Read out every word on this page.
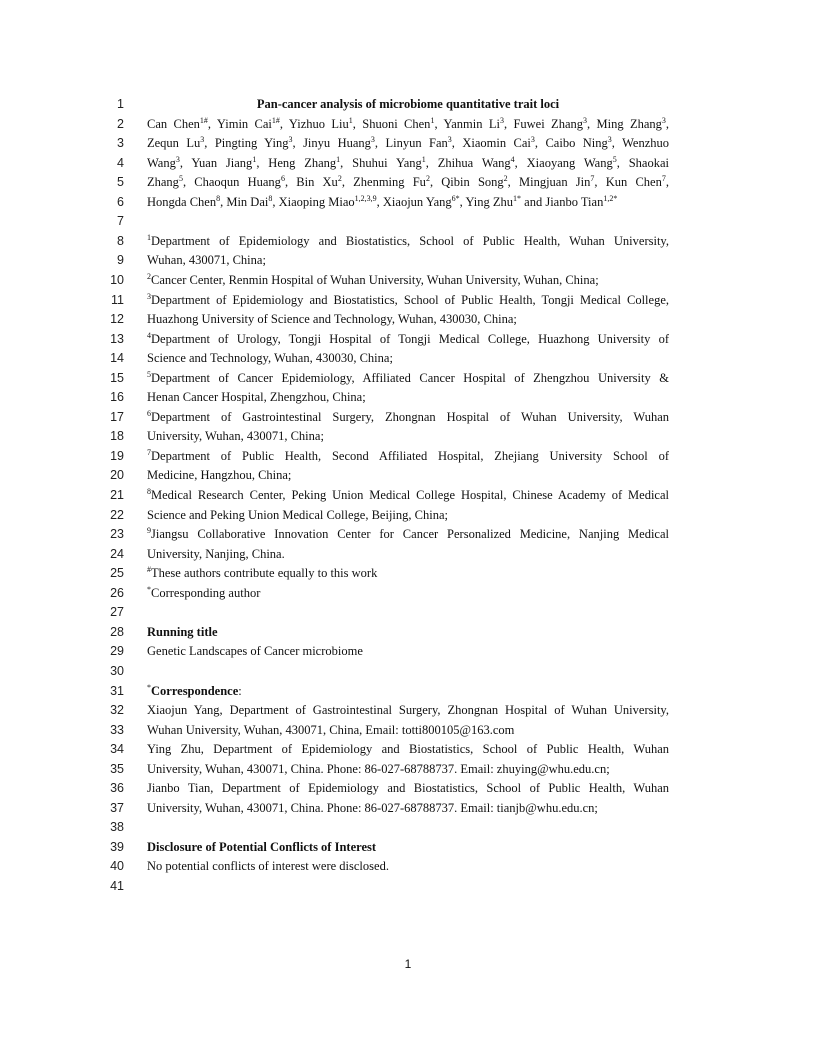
1	Pan-cancer analysis of microbiome quantitative trait loci
2 Can Chen$^{1\#}$, Yimin Cai$^{1\#}$, Yizhuo Liu$^1$, Shuoni Chen$^1$, Yanmin Li$^3$, Fuwei Zhang$^3$, Ming Zhang$^3$,
3 Zequn Lu$^3$, Pingting Ying$^3$, Jinyu Huang$^3$, Linyun Fan$^3$, Xiaomin Cai$^3$, Caibo Ning$^3$, Wenzhuo
4 Wang$^3$, Yuan Jiang$^1$, Heng Zhang$^1$, Shuhui Yang$^1$, Zhihua Wang$^4$, Xiaoyang Wang$^5$, Shaokai
5 Zhang$^5$, Chaoqun Huang$^6$, Bin Xu$^2$, Zhenming Fu$^2$, Qibin Song$^2$, Mingjuan Jin$^7$, Kun Chen$^7$,
6 Hongda Chen$^8$, Min Dai$^8$, Xiaoping Miao$^{1,2,3,9}$, Xiaojun Yang$^{6*}$, Ying Zhu$^{1*}$ and Jianbo Tian$^{1,2*}$
7
8	$^1$Department of Epidemiology and Biostatistics, School of Public Health, Wuhan University,
9 Wuhan, 430071, China;
10	$^2$Cancer Center, Renmin Hospital of Wuhan University, Wuhan University, Wuhan, China;
11	$^3$Department of Epidemiology and Biostatistics, School of Public Health, Tongji Medical College,
12 Huazhong University of Science and Technology, Wuhan, 430030, China;
13	$^4$Department of Urology, Tongji Hospital of Tongji Medical College, Huazhong University of
14 Science and Technology, Wuhan, 430030, China;
15	$^5$Department of Cancer Epidemiology, Affiliated Cancer Hospital of Zhengzhou University &
16 Henan Cancer Hospital, Zhengzhou, China;
17	$^6$Department of Gastrointestinal Surgery, Zhongnan Hospital of Wuhan University, Wuhan
18 University, Wuhan, 430071, China;
19	$^7$Department of Public Health, Second Affiliated Hospital, Zhejiang University School of
20 Medicine, Hangzhou, China;
21	$^8$Medical Research Center, Peking Union Medical College Hospital, Chinese Academy of Medical
22 Science and Peking Union Medical College, Beijing, China;
23	$^9$Jiangsu Collaborative Innovation Center for Cancer Personalized Medicine, Nanjing Medical
24 University, Nanjing, China.
25	#These authors contribute equally to this work
26	*Corresponding author
27
28 Running title
29 Genetic Landscapes of Cancer microbiome
30
31	*Correspondence:
32 Xiaojun Yang, Department of Gastrointestinal Surgery, Zhongnan Hospital of Wuhan University,
33 Wuhan University, Wuhan, 430071, China, Email: totti800105@163.com
34 Ying Zhu, Department of Epidemiology and Biostatistics, School of Public Health, Wuhan
35 University, Wuhan, 430071, China. Phone: 86-027-68788737. Email: zhuying@whu.edu.cn;
36 Jianbo Tian, Department of Epidemiology and Biostatistics, School of Public Health, Wuhan
37 University, Wuhan, 430071, China. Phone: 86-027-68788737. Email: tianjb@whu.edu.cn;
38
39 Disclosure of Potential Conflicts of Interest
40 No potential conflicts of interest were disclosed.
41
1
